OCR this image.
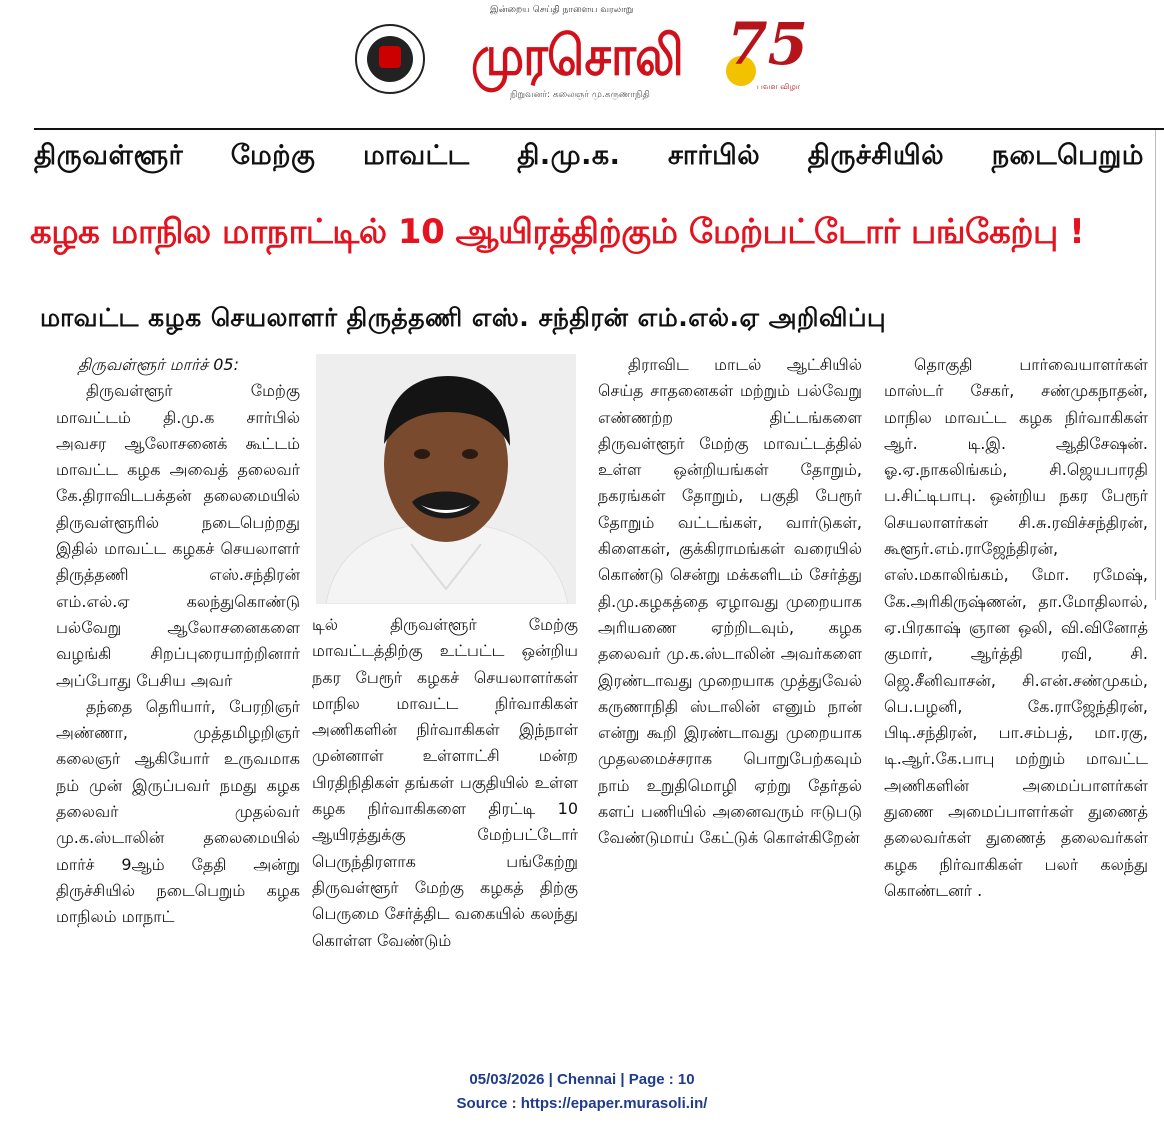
இன்றைய செய்தி நாளைய வரலாறு
முரசொலி
நிறுவனர்: கலைஞர் மு.கருணாநிதி
75
பவள விழா
திருவள்ளூர் மேற்கு மாவட்ட தி.மு.க. சார்பில் திருச்சியில் நடைபெறும்
கழக மாநில மாநாட்டில் 10 ஆயிரத்திற்கும் மேற்பட்டோர் பங்கேற்பு !
மாவட்ட கழக செயலாளர் திருத்தணி எஸ். சந்திரன் எம்.எல்.ஏ அறிவிப்பு

திருவள்ளூர் மார்ச் 05:

திருவள்ளூர் மேற்கு மாவட்டம் தி.மு.க சார்பில் அவசர ஆலோசனைக் கூட்டம் மாவட்ட கழக அவைத் தலைவர் கே.திராவிடபக்தன் தலைமையில் திருவள்ளூரில் நடைபெற்றது இதில் மாவட்ட கழகச் செயலாளர் திருத்தணி எஸ்.சந்திரன் எம்.எல்.ஏ கலந்துகொண்டு பல்வேறு ஆலோசனைகளை வழங்கி சிறப்புரையாற்றினார் அப்போது பேசிய அவர்

தந்தை தெரியார், பேரறிஞர் அண்ணா, முத்தமிழறிஞர் கலைஞர் ஆகியோர் உருவமாக நம் முன் இருப்பவர் நமது கழக தலைவர் முதல்வர் மு.க.ஸ்டாலின் தலைமையில் மார்ச் 9ஆம் தேதி அன்று திருச்சியில் நடைபெறும் கழக மாநிலம் மாநாட்

டில் திருவள்ளூர் மேற்கு மாவட்டத்திற்கு உட்பட்ட ஒன்றிய நகர பேரூர் கழகச் செயலாளர்கள் மாநில மாவட்ட நிர்வாகிகள் அணிகளின் நிர்வாகிகள் இந்நாள் முன்னாள் உள்ளாட்சி மன்ற பிரதிநிதிகள் தங்கள் பகுதியில் உள்ள கழக நிர்வாகிகளை திரட்டி 10 ஆயிரத்துக்கு மேற்பட்டோர் பெருந்திரளாக பங்கேற்று திருவள்ளூர் மேற்கு கழகத் திற்கு பெருமை சேர்த்திட வகையில் கலந்து கொள்ள வேண்டும்

திராவிட மாடல் ஆட்சியில் செய்த சாதனைகள் மற்றும் பல்வேறு எண்ணற்ற திட்டங்களை திருவள்ளூர் மேற்கு மாவட்டத்தில் உள்ள ஒன்றியங்கள் தோறும், நகரங்கள் தோறும், பகுதி பேரூர் தோறும் வட்டங்கள், வார்டுகள், கிளைகள், குக்கிராமங்கள் வரையில் கொண்டு சென்று மக்களிடம் சேர்த்து தி.மு.கழகத்தை ஏழாவது முறையாக அரியணை ஏற்றிடவும், கழக தலைவர் மு.க.ஸ்டாலின் அவர்களை இரண்டாவது முறையாக முத்துவேல் கருணாநிதி ஸ்டாலின் எனும் நான் என்று கூறி இரண்டாவது முறையாக முதலமைச்சராக பொறுபேற்கவும் நாம் உறுதிமொழி ஏற்று தேர்தல் களப் பணியில் அனைவரும் ஈடுபடு வேண்டுமாய் கேட்டுக் கொள்கிறேன்

தொகுதி பார்வையாளர்கள் மாஸ்டர் சேகர், சண்முகநாதன், மாநில மாவட்ட கழக நிர்வாகிகள் ஆர். டி.இ. ஆதிசேஷன். ஓ.ஏ.நாகலிங்கம், சி.ஜெயபாரதி ப.சிட்டிபாபு. ஒன்றிய நகர பேரூர் செயலாளர்கள் சி.சு.ரவிச்சந்திரன், கூளூர்.எம்.ராஜேந்திரன், எஸ்.மகாலிங்கம், மோ. ரமேஷ், கே.அரிகிருஷ்ணன், தா.மோதிலால், ஏ.பிரகாஷ் ஞான ஒலி, வி.வினோத் குமார், ஆர்த்தி ரவி, சி. ஜெ.சீனிவாசன், சி.என்.சண்முகம், பெ.பழனி, கே.ராஜேந்திரன், பிடி.சந்திரன், பா.சம்பத், மா.ரகு, டி.ஆர்.கே.பாபு மற்றும் மாவட்ட அணிகளின் அமைப்பாளர்கள் துணை அமைப்பாளர்கள் துணைத் தலைவர்கள் துணைத் தலைவர்கள் கழக நிர்வாகிகள் பலர் கலந்து கொண்டனர் .

05/03/2026 | Chennai | Page : 10
Source : https://epaper.murasoli.in/
